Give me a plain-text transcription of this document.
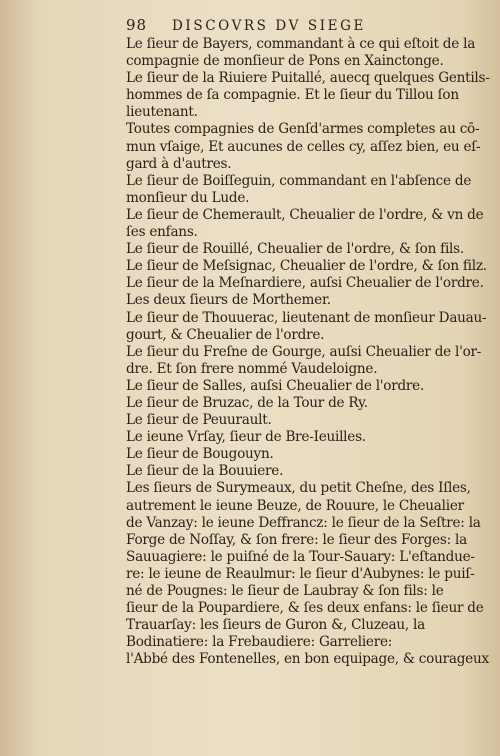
98	DISCOVRS DV SIEGE
Le ſieur de Bayers, commandant à ce qui eſtoit de la
compagnie de monſieur de Pons en Xainctonge.
Le ſieur de la Riuiere Puitallé, auecq quelques Gentils-
hommes de ſa compagnie. Et le ſieur du Tillou ſon
lieutenant.
Toutes compagnies de Genſd'armes completes au cō-
mun vſaige, Et aucunes de celles cy, aſſez bien, eu eſ-
gard à d'autres.
Le ſieur de Boiſſeguin, commandant en l'abſence de
monſieur du Lude.
Le ſieur de Chemerault, Cheualier de l'ordre, & vn de
ſes enfans.
Le ſieur de Rouillé, Cheualier de l'ordre, & ſon fils.
Le ſieur de Meſsignac, Cheualier de l'ordre, & ſon filz.
Le ſieur de la Meſnardiere, auſsi Cheualier de l'ordre.
Les deux ſieurs de Morthemer.
Le ſieur de Thouuerac, lieutenant de monſieur Dauau-
gourt, & Cheualier de l'ordre.
Le ſieur du Freſne de Gourge, auſsi Cheualier de l'or-
dre. Et ſon frere nommé Vaudeloigne.
Le ſieur de Salles, auſsi Cheualier de l'ordre.
Le ſieur de Bruzac, de la Tour de Ry.
Le ſieur de Peuurault.
Le ieune Vrſay, ſieur de Bre-Ieuilles.
Le ſieur de Bougouyn.
Le ſieur de la Bouuiere.
Les ſieurs de Surymeaux, du petit Cheſne, des Iſles,
autrement le ieune Beuze, de Rouure, le Cheualier
de Vanzay: le ieune Deffrancz: le ſieur de la Seſtre: la
Forge de Noſſay, & ſon frere: le ſieur des Forges: la
Sauuagiere: le puiſné de la Tour-Sauary: L'eſtandue-
re: le ieune de Reaulmur: le ſieur d'Aubynes: le puiſ-
né de Pougnes: le ſieur de Laubray & ſon fils: le
ſieur de la Poupardiere, & ſes deux enfans: le ſieur de
Trauarſay: les ſieurs de Guron &, Cluzeau, la
Bodinatiere: la Frebaudiere: Garreliere:
l'Abbé des Fontenelles, en bon equipage, & courageux
